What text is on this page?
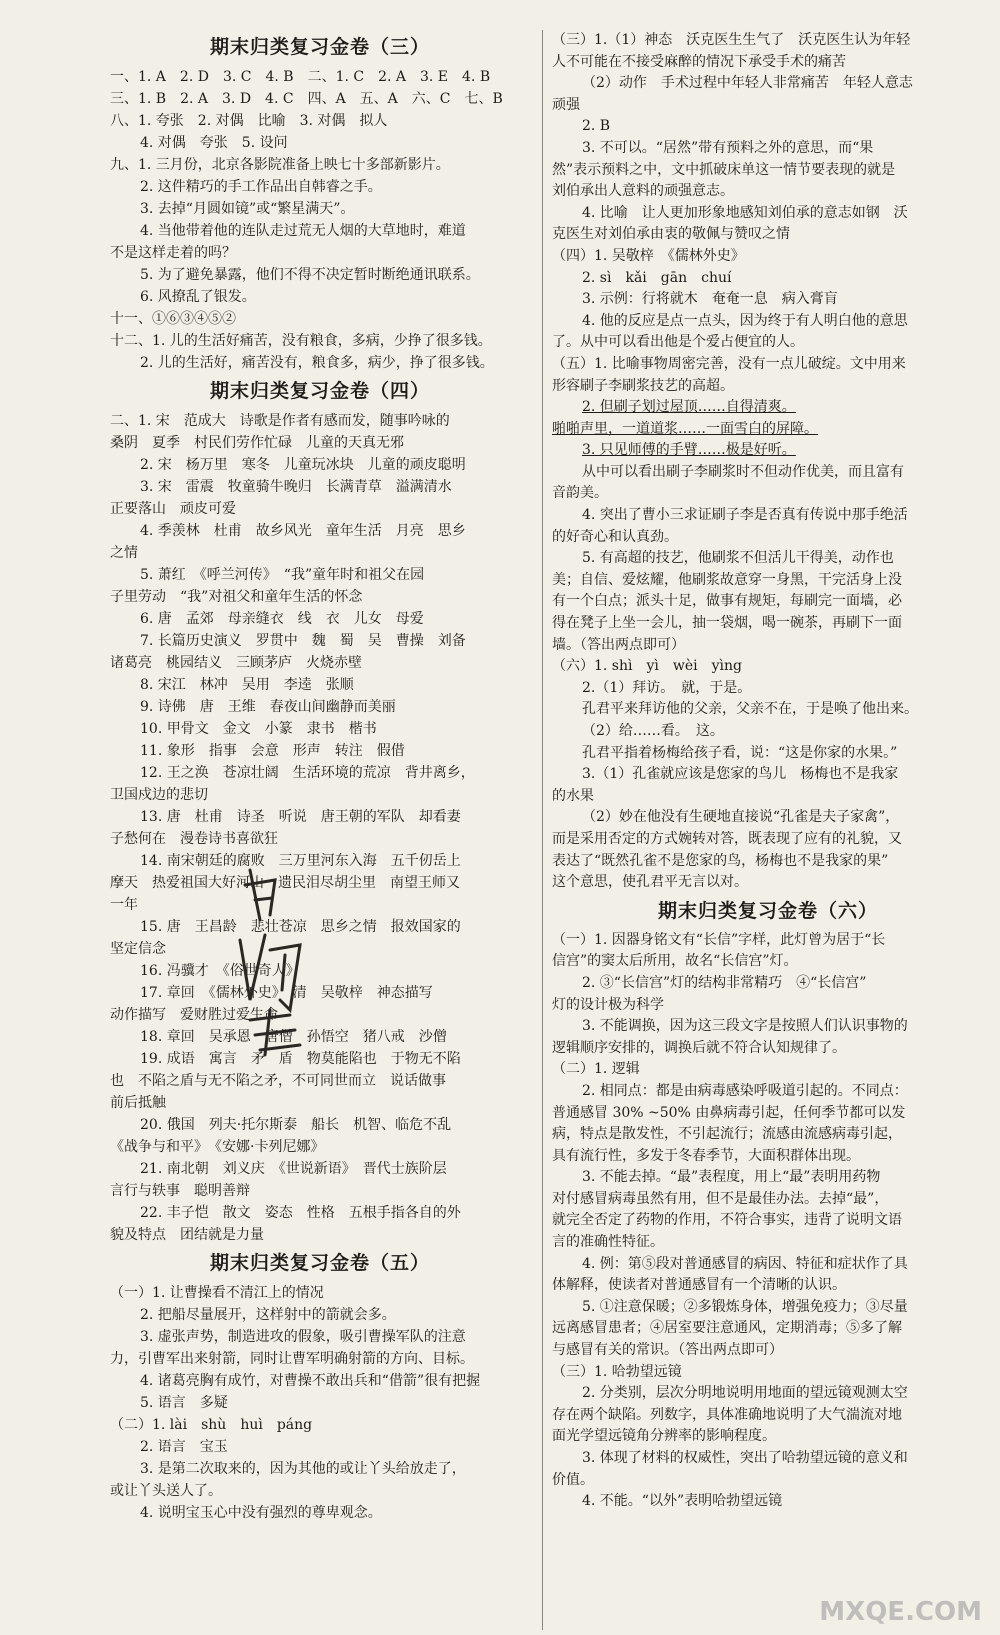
期末归类复习金卷（三）
一、1. A　2. D　3. C　4. B　二、1. C　2. A　3. E　4. B
三、1. B　2. A　3. D　4. C　四、A　五、A　六、C　七、B
八、1. 夸张　2. 对偶　比喻　3. 对偶　拟人
4. 对偶　夸张　5. 设问
九、1. 三月份，北京各影院准备上映七十多部新影片。
2. 这件精巧的手工作品出自韩睿之手。
3. 去掉“月圆如镜”或“繁星满天”。
4. 当他带着他的连队走过荒无人烟的大草地时，难道
不是这样走着的吗？
5. 为了避免暴露，他们不得不决定暂时断绝通讯联系。
6. 风撩乱了银发。
十一、①⑥③④⑤②
十二、1. 儿的生活好痛苦，没有粮食，多病，少挣了很多钱。
2. 儿的生活好，痛苦没有，粮食多，病少，挣了很多钱。
期末归类复习金卷（四）
二、1. 宋　范成大　诗歌是作者有感而发，随事吟咏的
桑阴　夏季　村民们劳作忙碌　儿童的天真无邪
2. 宋　杨万里　寒冬　儿童玩冰块　儿童的顽皮聪明
3. 宋　雷震　牧童骑牛晚归　长满青草　溢满清水
正要落山　顽皮可爱
4. 季羡林　杜甫　故乡风光　童年生活　月亮　思乡
之情
5. 萧红　《呼兰河传》　“我”童年时和祖父在园
子里劳动　“我”对祖父和童年生活的怀念
6. 唐　孟郊　母亲缝衣　线　衣　儿女　母爱
7. 长篇历史演义　罗贯中　魏　蜀　吴　曹操　刘备
诸葛亮　桃园结义　三顾茅庐　火烧赤壁
8. 宋江　林冲　吴用　李逵　张顺
9. 诗佛　唐　王维　春夜山间幽静而美丽
10. 甲骨文　金文　小篆　隶书　楷书
11. 象形　指事　会意　形声　转注　假借
12. 王之涣　苍凉壮阔　生活环境的荒凉　背井离乡，
卫国戍边的悲切
13. 唐　杜甫　诗圣　听说　唐王朝的军队　却看妻
子愁何在　漫卷诗书喜欲狂
14. 南宋朝廷的腐败　三万里河东入海　五千仞岳上
摩天　热爱祖国大好河山　遗民泪尽胡尘里　南望王师又
一年
15. 唐　王昌龄　悲壮苍凉　思乡之情　报效国家的
坚定信念
16. 冯骥才　《俗世奇人》
17. 章回　《儒林外史》　清　吴敬梓　神态描写
动作描写　爱财胜过爱生命
18. 章回　吴承恩　唐僧　孙悟空　猪八戒　沙僧
19. 成语　寓言　矛　盾　物莫能陷也　于物无不陷
也　不陷之盾与无不陷之矛，不可同世而立　说话做事
前后抵触
20. 俄国　列夫·托尔斯泰　船长　机智、临危不乱
《战争与和平》　《安娜·卡列尼娜》
21. 南北朝　刘义庆　《世说新语》　晋代士族阶层
言行与轶事　聪明善辩
22. 丰子恺　散文　姿态　性格　五根手指各自的外
貌及特点　团结就是力量
期末归类复习金卷（五）
（一）1. 让曹操看不清江上的情况
2. 把船尽量展开，这样射中的箭就会多。
3. 虚张声势，制造进攻的假象，吸引曹操军队的注意
力，引曹军出来射箭，同时让曹军明确射箭的方向、目标。
4. 诸葛亮胸有成竹，对曹操不敢出兵和“借箭”很有把握
5. 语言　多疑
（二）1. lài　shù　huì　páng
2. 语言　宝玉
3. 是第二次取来的，因为其他的或让丫头给放走了，
或让丫头送人了。
4. 说明宝玉心中没有强烈的尊卑观念。
（三）1.（1）神态　沃克医生生气了　沃克医生认为年轻
人不可能在不接受麻醉的情况下承受手术的痛苦
（2）动作　手术过程中年轻人非常痛苦　年轻人意志
顽强
2. B
3. 不可以。“居然”带有预料之外的意思，而“果
然”表示预料之中，文中抓破床单这一情节要表现的就是
刘伯承出人意料的顽强意志。
4. 比喻　让人更加形象地感知刘伯承的意志如钢　沃
克医生对刘伯承由衷的敬佩与赞叹之情
（四）1. 吴敬梓　《儒林外史》
2. sì　kǎi　gān　chuí
3. 示例：行将就木　奄奄一息　病入膏肓
4. 他的反应是点一点头，因为终于有人明白他的意思
了。从中可以看出他是个爱占便宜的人。
（五）1. 比喻事物周密完善，没有一点儿破绽。文中用来
形容刷子李刷浆技艺的高超。
2. 但刷子划过屋顶……自得清爽。
啪啪声里，一道道浆……一面雪白的屏障。
3. 只见师傅的手臂……极是好听。
从中可以看出刷子李刷浆时不但动作优美，而且富有
音韵美。
4. 突出了曹小三求证刷子李是否真有传说中那手绝活
的好奇心和认真劲。
5. 有高超的技艺，他刷浆不但活儿干得美，动作也
美；自信、爱炫耀，他刷浆故意穿一身黑，干完活身上没
有一个白点；派头十足，做事有规矩，每刷完一面墙，必
得在凳子上坐一会儿，抽一袋烟，喝一碗茶，再刷下一面
墙。（答出两点即可）
（六）1. shì　yì　wèi　yìng
2.（1）拜访。　就，于是。
孔君平来拜访他的父亲，父亲不在，于是唤了他出来。
（2）给……看。　这。
孔君平指着杨梅给孩子看，说：“这是你家的水果。”
3.（1）孔雀就应该是您家的鸟儿　杨梅也不是我家
的水果
（2）妙在他没有生硬地直接说“孔雀是夫子家禽”，
而是采用否定的方式婉转对答，既表现了应有的礼貌，又
表达了“既然孔雀不是您家的鸟，杨梅也不是我家的果”
这个意思，使孔君平无言以对。
期末归类复习金卷（六）
（一）1. 因器身铭文有“长信”字样，此灯曾为居于“长
信宫”的窦太后所用，故名“长信宫”灯。
2. ③“长信宫”灯的结构非常精巧　④“长信宫”
灯的设计极为科学
3. 不能调换，因为这三段文字是按照人们认识事物的
逻辑顺序安排的，调换后就不符合认知规律了。
（二）1. 逻辑
2. 相同点：都是由病毒感染呼吸道引起的。不同点：
普通感冒 30% ~50% 由鼻病毒引起，任何季节都可以发
病，特点是散发性，不引起流行；流感由流感病毒引起，
具有流行性，多发于冬春季节，大面积群体出现。
3. 不能去掉。“最”表程度，用上“最”表明用药物
对付感冒病毒虽然有用，但不是最佳办法。去掉“最”，
就完全否定了药物的作用，不符合事实，违背了说明文语
言的准确性特征。
4. 例：第⑤段对普通感冒的病因、特征和症状作了具
体解释，使读者对普通感冒有一个清晰的认识。
5. ①注意保暖；②多锻炼身体，增强免疫力；③尽量
远离感冒患者；④居室要注意通风，定期消毒；⑤多了解
与感冒有关的常识。（答出两点即可）
（三）1. 哈勃望远镜
2. 分类别，层次分明地说明用地面的望远镜观测太空
存在两个缺陷。列数字，具体准确地说明了大气湍流对地
面光学望远镜角分辨率的影响程度。
3. 体现了材料的权威性，突出了哈勃望远镜的意义和
价值。
4. 不能。“以外”表明哈勃望远镜
MXQE.COM
